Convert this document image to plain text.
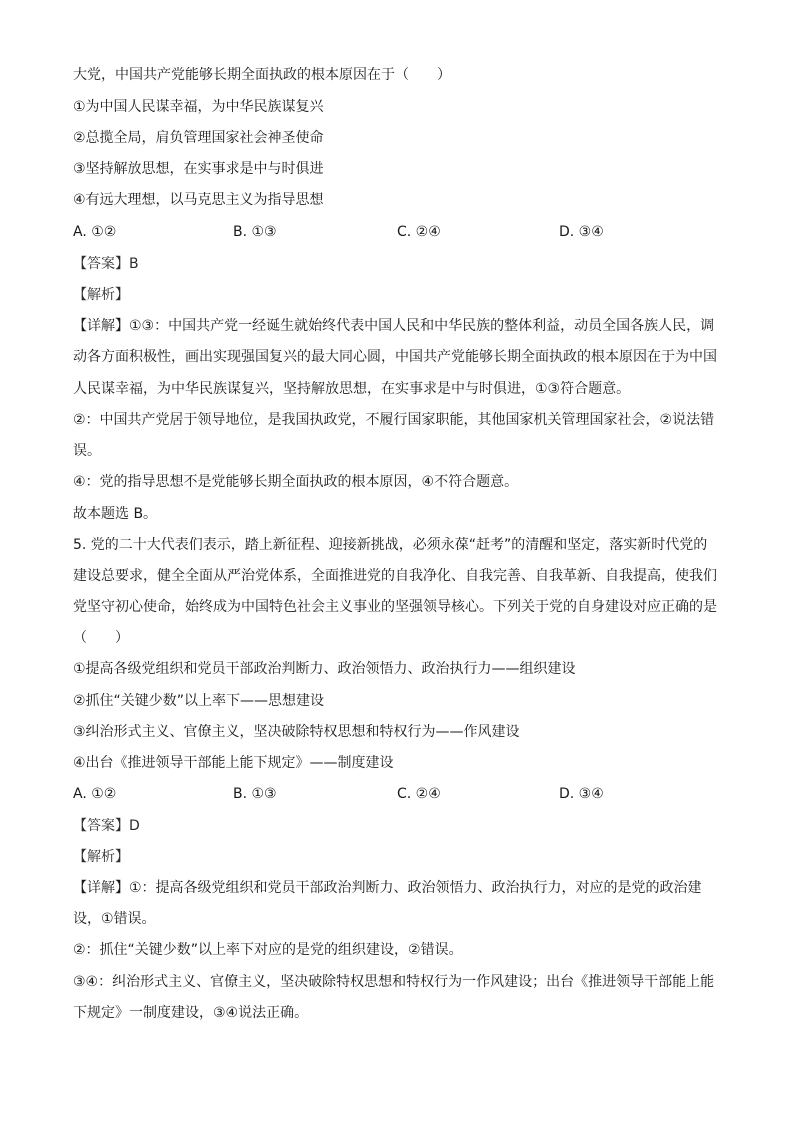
大党，中国共产党能够长期全面执政的根本原因在于（　　）
①为中国人民谋幸福，为中华民族谋复兴
②总揽全局，肩负管理国家社会神圣使命
③坚持解放思想，在实事求是中与时俱进
④有远大理想，以马克思主义为指导思想
A. ①②	B. ①③	C. ②④	D. ③④
【答案】B
【解析】
【详解】①③：中国共产党一经诞生就始终代表中国人民和中华民族的整体利益，动员全国各族人民，调
动各方面积极性，画出实现强国复兴的最大同心圆，中国共产党能够长期全面执政的根本原因在于为中国
人民谋幸福，为中华民族谋复兴，坚持解放思想，在实事求是中与时俱进，①③符合题意。
②：中国共产党居于领导地位，是我国执政党，不履行国家职能，其他国家机关管理国家社会，②说法错
误。
④：党的指导思想不是党能够长期全面执政的根本原因，④不符合题意。
故本题选 B。
5. 党的二十大代表们表示，踏上新征程、迎接新挑战，必须永葆“赶考”的清醒和坚定，落实新时代党的
建设总要求，健全全面从严治党体系，全面推进党的自我净化、自我完善、自我革新、自我提高，使我们
党坚守初心使命，始终成为中国特色社会主义事业的坚强领导核心。下列关于党的自身建设对应正确的是
（　　）
①提高各级党组织和党员干部政治判断力、政治领悟力、政治执行力——组织建设
②抓住“关键少数”以上率下——思想建设
③纠治形式主义、官僚主义，坚决破除特权思想和特权行为——作风建设
④出台《推进领导干部能上能下规定》——制度建设
A. ①②	B. ①③	C. ②④	D. ③④
【答案】D
【解析】
【详解】①：提高各级党组织和党员干部政治判断力、政治领悟力、政治执行力，对应的是党的政治建
设，①错误。
②：抓住“关键少数”以上率下对应的是党的组织建设，②错误。
③④：纠治形式主义、官僚主义，坚决破除特权思想和特权行为一作风建设；出台《推进领导干部能上能
下规定》一制度建设，③④说法正确。
